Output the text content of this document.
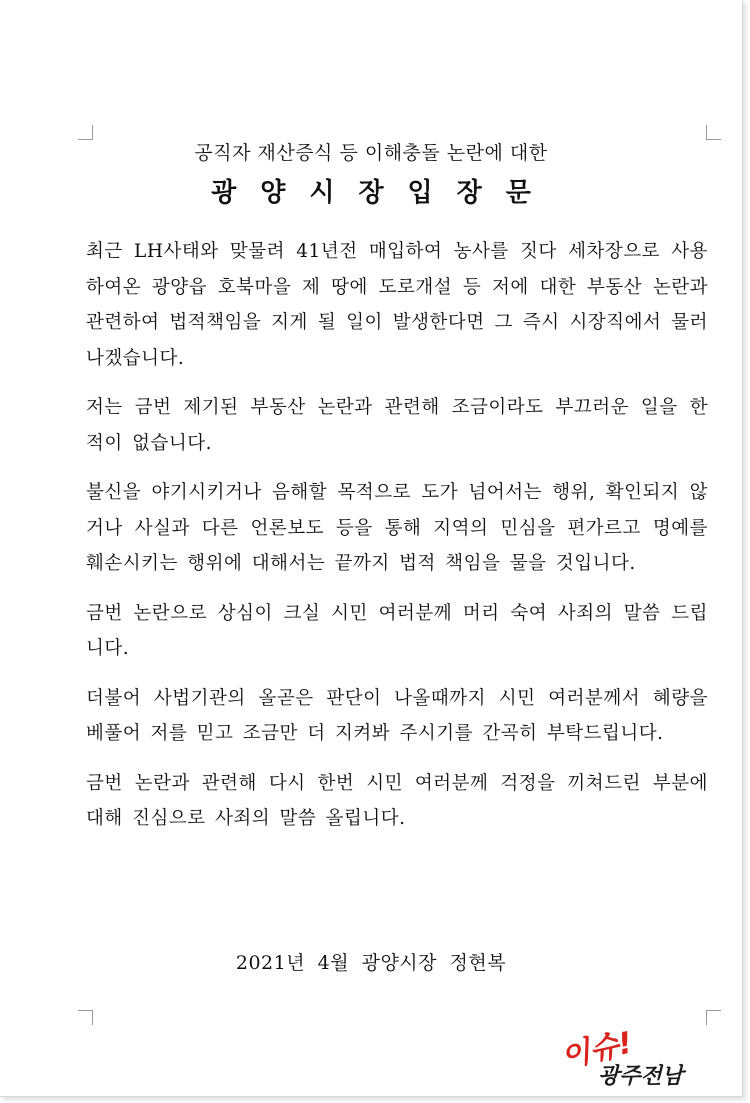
공직자 재산증식 등 이해충돌 논란에 대한
광양시장입장문

최근 LH사태와 맞물려 41년전 매입하여 농사를 짓다 세차장으로 사용하여온 광양읍 호북마을 제 땅에 도로개설 등 저에 대한 부동산 논란과 관련하여 법적책임을 지게 될 일이 발생한다면 그 즉시 시장직에서 물러나겠습니다.

저는 금번 제기된 부동산 논란과 관련해 조금이라도 부끄러운 일을 한 적이 없습니다.

불신을 야기시키거나 음해할 목적으로 도가 넘어서는 행위, 확인되지 않거나 사실과 다른 언론보도 등을 통해 지역의 민심을 편가르고 명예를 훼손시키는 행위에 대해서는 끝까지 법적 책임을 물을 것입니다.

금번 논란으로 상심이 크실 시민 여러분께 머리 숙여 사죄의 말씀 드립니다.

더불어 사법기관의 올곧은 판단이 나올때까지 시민 여러분께서 혜량을 베풀어 저를 믿고 조금만 더 지켜봐 주시기를 간곡히 부탁드립니다.

금번 논란과 관련해 다시 한번 시민 여러분께 걱정을 끼쳐드린 부분에 대해 진심으로 사죄의 말씀 올립니다.

2021년 4월 광양시장 정현복
이슈!
광주전남
